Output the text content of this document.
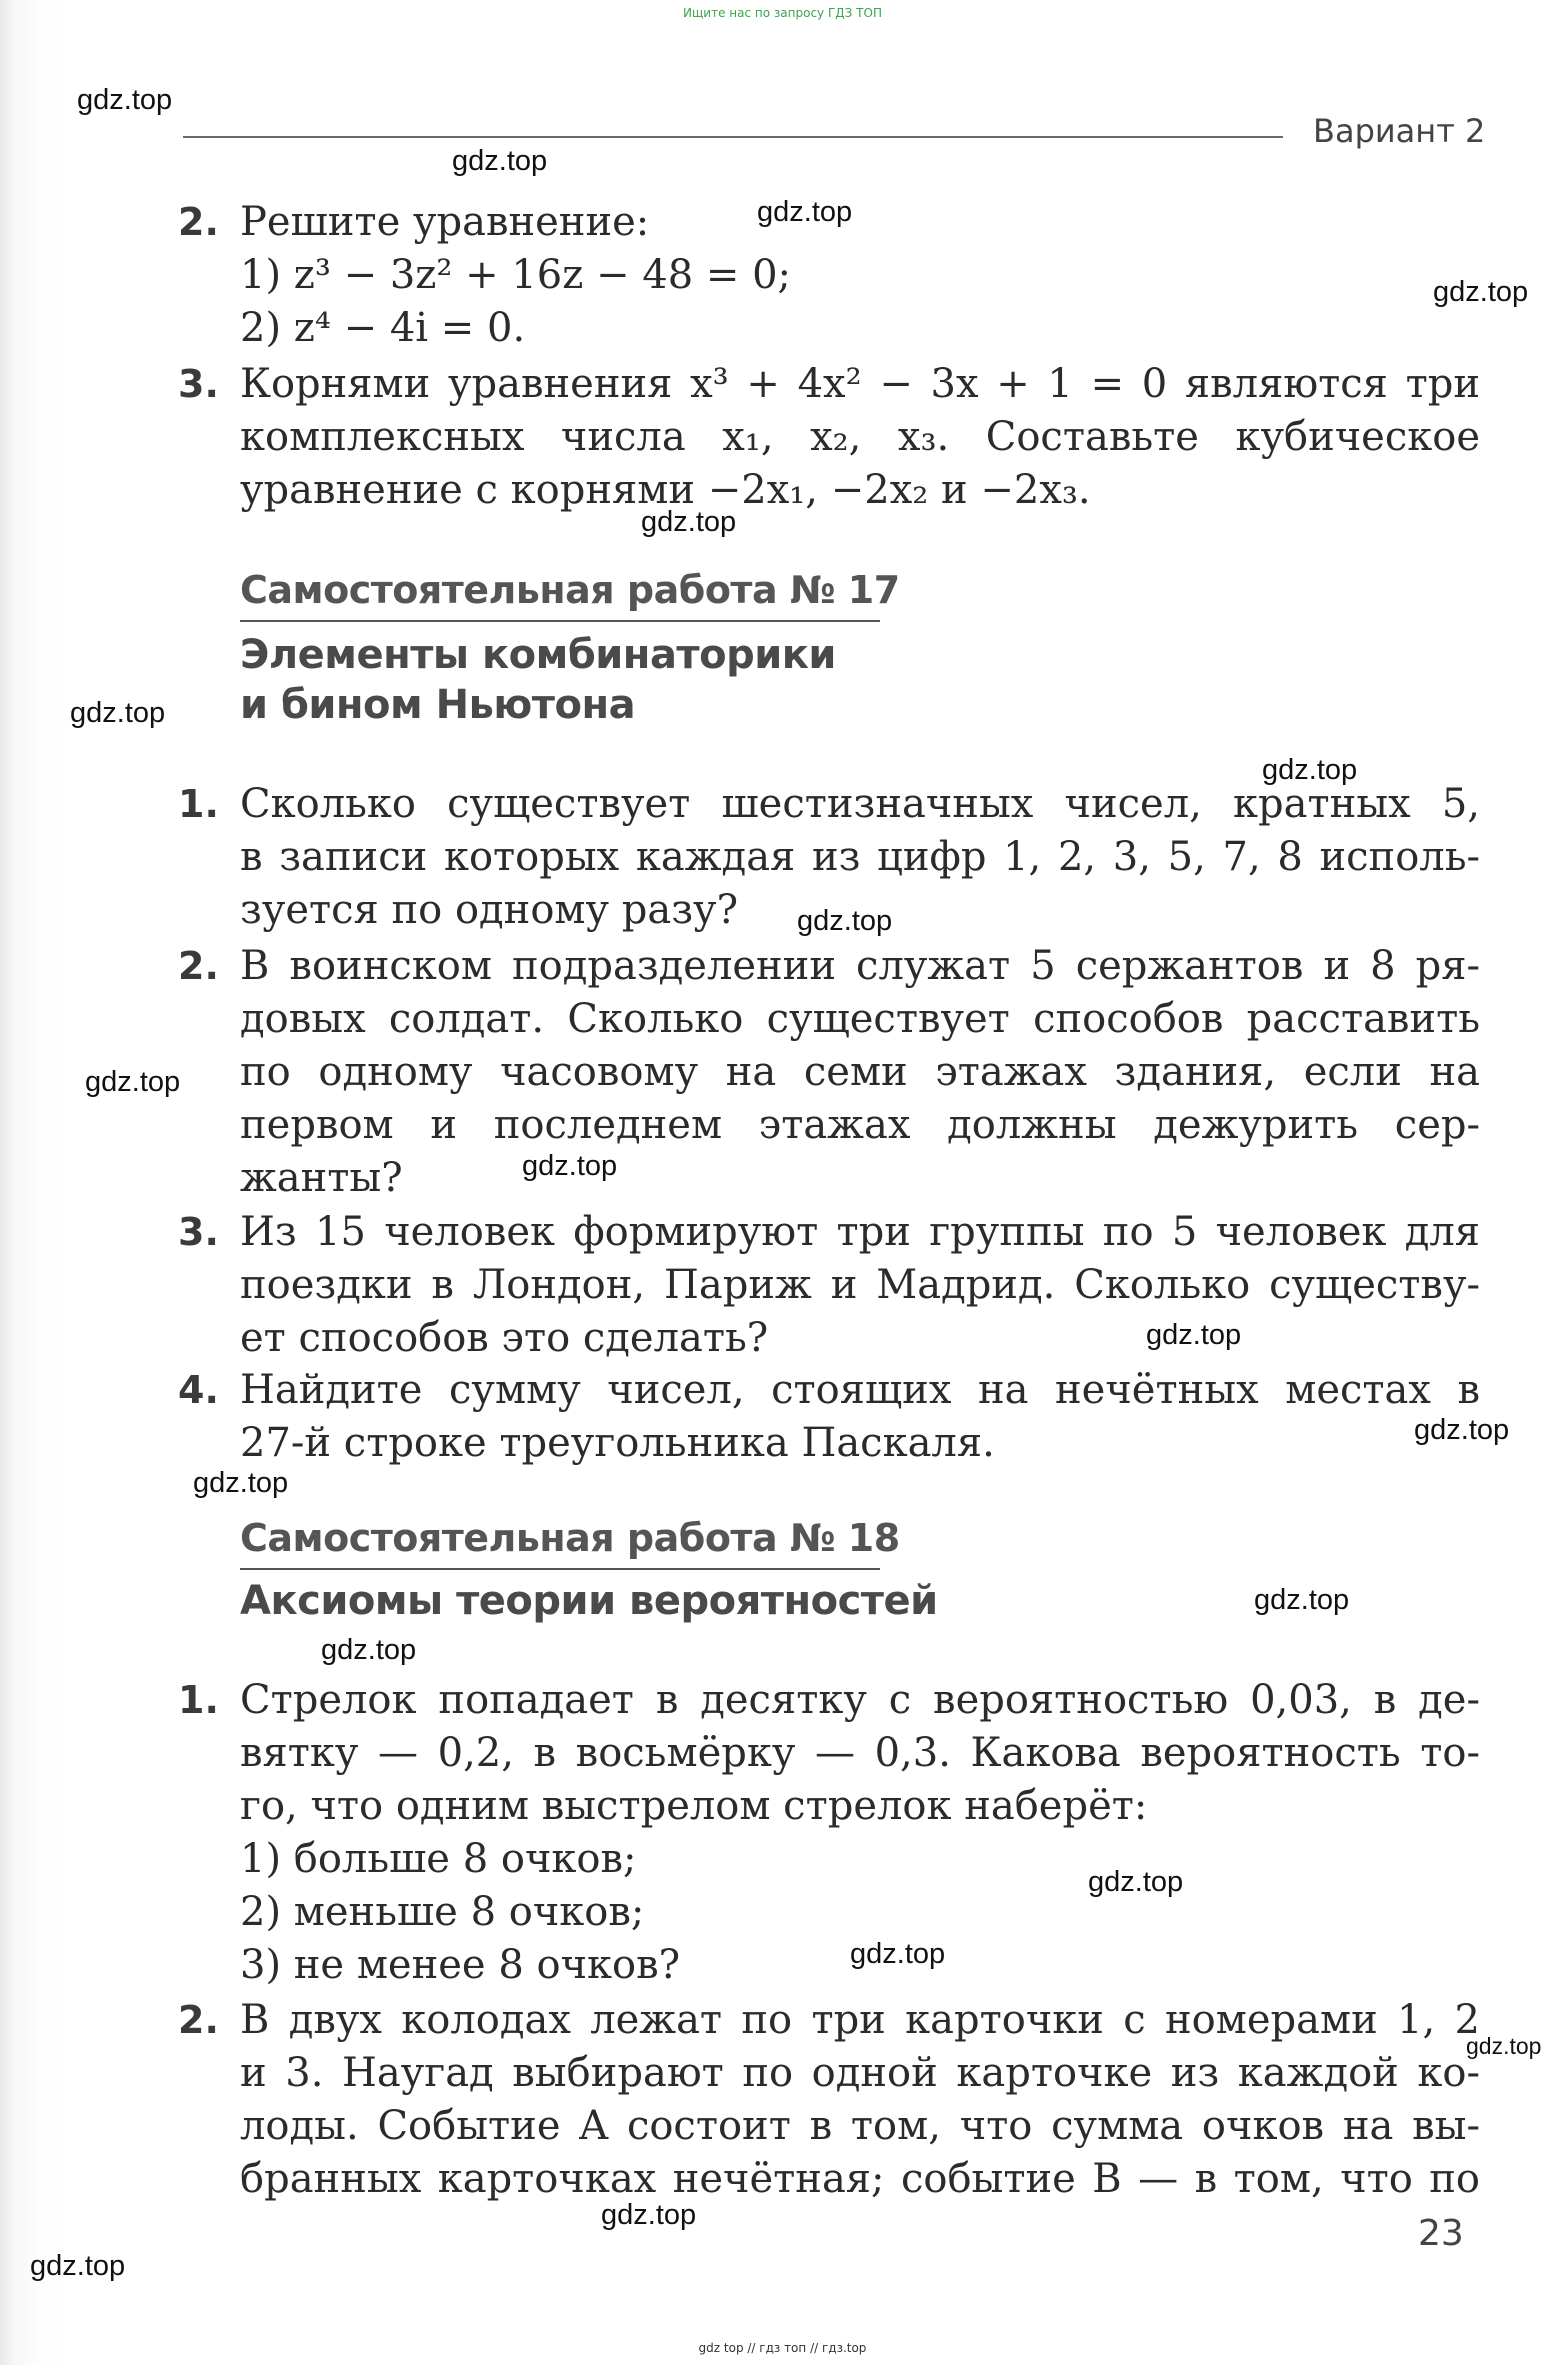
Ищите нас по запросу ГДЗ ТОП
Вариант 2
2. Решите уравнение:
1) z³ − 3z² + 16z − 48 = 0;
2) z⁴ − 4i = 0.
3. Корнями уравнения x³ + 4x² − 3x + 1 = 0 являются три
комплексных числа x₁, x₂, x₃. Составьте кубическое
уравнение с корнями −2x₁, −2x₂ и −2x₃.
Самостоятельная работа № 17
Элементы комбинаторики
и бином Ньютона
1. Сколько существует шестизначных чисел, кратных 5,
в записи которых каждая из цифр 1, 2, 3, 5, 7, 8 исполь-
зуется по одному разу?
2. В воинском подразделении служат 5 сержантов и 8 ря-
довых солдат. Сколько существует способов расставить
по одному часовому на семи этажах здания, если на
первом и последнем этажах должны дежурить сер-
жанты?
3. Из 15 человек формируют три группы по 5 человек для
поездки в Лондон, Париж и Мадрид. Сколько существу-
ет способов это сделать?
4. Найдите сумму чисел, стоящих на нечётных местах в
27-й строке треугольника Паскаля.
Самостоятельная работа № 18
Аксиомы теории вероятностей
1. Стрелок попадает в десятку с вероятностью 0,03, в де-
вятку — 0,2, в восьмёрку — 0,3. Какова вероятность то-
го, что одним выстрелом стрелок наберёт:
1) больше 8 очков;
2) меньше 8 очков;
3) не менее 8 очков?
2. В двух колодах лежат по три карточки с номерами 1, 2
и 3. Наугад выбирают по одной карточке из каждой ко-
лоды. Событие A состоит в том, что сумма очков на вы-
бранных карточках нечётная; событие B — в том, что по
23
gdz.top
gdz.top
gdz.top
gdz.top
gdz.top
gdz.top
gdz.top
gdz.top
gdz.top
gdz.top
gdz.top
gdz.top
gdz.top
gdz.top
gdz.top
gdz.top
gdz.top
gdz.top
gdz.top
gdz.top
gdz top // гдз топ // гдз.top
